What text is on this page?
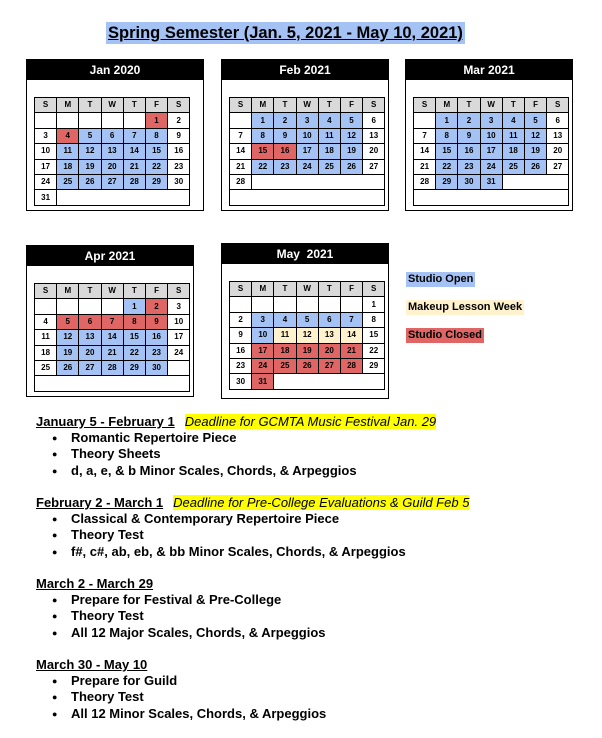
Spring Semester (Jan. 5, 2021 - May 10, 2021)
Jan 2020
S	M	T	W	T	F	S
					1	2
3	4	5	6	7	8	9
10	11	12	13	14	15	16
17	18	19	20	21	22	23
24	25	26	27	28	29	30
31						
Feb 2021
S	M	T	W	T	F	S
	1	2	3	4	5	6
7	8	9	10	11	12	13
14	15	16	17	18	19	20
21	22	23	24	25	26	27
28						

Mar 2021
S	M	T	W	T	F	S
	1	2	3	4	5	6
7	8	9	10	11	12	13
14	15	16	17	18	19	20
21	22	23	24	25	26	27
28	29	30	31			

Apr 2021
S	M	T	W	T	F	S
				1	2	3
4	5	6	7	8	9	10
11	12	13	14	15	16	17
18	19	20	21	22	23	24
25	26	27	28	29	30	

May  2021
S	M	T	W	T	F	S
						1
2	3	4	5	6	7	8
9	10	11	12	13	14	15
16	17	18	19	20	21	22
23	24	25	26	27	28	29
30	31					
Studio Open
Makeup Lesson Week
Studio Closed
January 5 - February 1 Deadline for GCMTA Music Festival Jan. 29
● Romantic Repertoire Piece
● Theory Sheets
● d, a, e, & b Minor Scales, Chords, & Arpeggios
February 2 - March 1 Deadline for Pre-College Evaluations & Guild Feb 5
● Classical & Contemporary Repertoire Piece
● Theory Test
● f#, c#, ab, eb, & bb Minor Scales, Chords, & Arpeggios
March 2 - March 29
● Prepare for Festival & Pre-College
● Theory Test
● All 12 Major Scales, Chords, & Arpeggios
March 30 - May 10
● Prepare for Guild
● Theory Test
● All 12 Minor Scales, Chords, & Arpeggios
